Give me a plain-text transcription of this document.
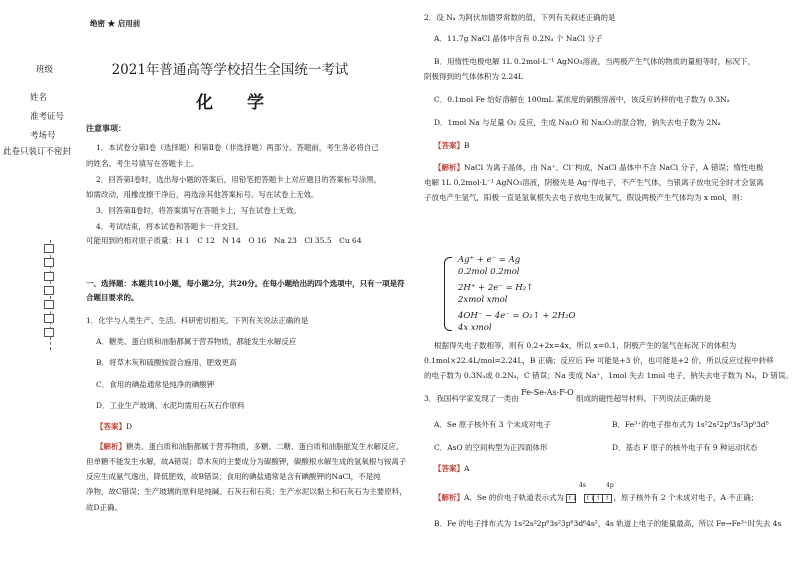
班级
姓名
准考证号
考场号
此卷只装订不密封
绝密 ★ 启用前
2021年普通高等学校招生全国统一考试
化 学
注意事项：
1．本试卷分第Ⅰ卷（选择题）和第Ⅱ卷（非选择题）两部分。答题前，考生务必将自己
的姓名、考生号填写在答题卡上。
2．回答第Ⅰ卷时，选出每小题的答案后，用铅笔把答题卡上对应题目的答案标号涂黑，
如需改动，用橡皮擦干净后，再选涂其他答案标号。写在试卷上无效。
3．回答第Ⅱ卷时，将答案填写在答题卡上，写在试卷上无效。
4．考试结束，将本试卷和答题卡一并交回。
可能用到的相对原子质量：H 1　C 12　N 14　O 16　Na 23　Cl 35.5　Cu 64
一、选择题：本题共10小题，每小题2分，共20分。在每小题给出的四个选项中，只有一项是符
合题目要求的。
1．化学与人类生产、生活、科研密切相关，下列有关说法正确的是
A．糖类、蛋白质和油脂都属于营养物质，都能发生水解反应
B．将草木灰和硫酸铵混合施用，肥效更高
C．食用的碘盐通常是纯净的碘酸钾
D．工业生产玻璃、水泥均需用石灰石作原料
【答案】D
【解析】糖类、蛋白质和油脂都属于营养物质，多糖、二糖、蛋白质和油脂能发生水解反应，
但单糖不能发生水解，故A错误；草木灰的主要成分为碳酸钾，碳酸根水解生成的氢氧根与铵离子
反应生成氨气逸出，降低肥效，故B错误；食用的碘盐通常是含有碘酸钾的NaCl，不是纯
净物，故C错误；生产玻璃的原料是纯碱、石灰石和石英；生产水泥以黏土和石灰石为主要原料，
故D正确。
2．设 Nₐ 为阿伏加德罗常数的值，下列有关叙述正确的是
A．11.7g NaCl 晶体中含有 0.2Nₐ 个 NaCl 分子
B．用惰性电极电解 1L 0.2mol·L⁻¹ AgNO₃溶液，当两极产生气体的物质的量相等时，标况下，
阴极得到的气体体积为 2.24L
C．0.1mol Fe 恰好溶解在 100mL 某浓度的硝酸溶液中，该反应转移的电子数为 0.3Nₐ
D．1mol Na 与足量 O₂ 反应，生成 Na₂O 和 Na₂O₂的混合物，钠失去电子数为 2Nₐ
【答案】B
【解析】NaCl 为离子晶体，由 Na⁺、Cl⁻构成，NaCl 晶体中不含 NaCl 分子，A 错误；惰性电极
电解 1L 0.2mol·L⁻¹ AgNO₃溶液，阴极先是 Ag⁺得电子，不产生气体，当银离子放电完全时才会氢离
子放电产生氢气，阳极一直是氢氧根失去电子放电生成氧气，假设两极产生气体均为 x mol，则：
Ag⁺ + e⁻ = Ag
0.2mol 0.2mol
2H⁺ + 2e⁻ = H₂↑
2xmol xmol
4OH⁻ − 4e⁻ = O₂↑ + 2H₂O
4x xmol
根据得失电子数相等，则有 0.2+2x=4x，所以 x=0.1，阴极产生的氢气在标况下的体积为
0.1mol×22.4L/mol=2.24L，B 正确；反应后 Fe 可能是+3 价，也可能是+2 价，所以反应过程中转移
的电子数为 0.3Nₐ或 0.2Nₐ，C 错误；Na 变成 Na⁺，1mol 失去 1mol 电子，钠失去电子数为 Nₐ，D 错误。
3．我国科学家发现了一类由 Fe-Se-As-F-O 组成的磁性超导材料。下列说法正确的是
A．Se 原子核外有 3 个未成对电子	B．Fe³⁺的电子排布式为 1s²2s²2p⁶3s²3p⁶3d⁵
C．AsO 的空间构型为正四面体形	D．基态 F 原子的核外电子有 9 种运动状态
【答案】A
4s	4p
【解析】A．Se 的价电子轨道表示式为 ↑↓ ↑↓↑ ↑ ，原子核外有 2 个未成对电子，A 不正确；
B．Fe 的电子排布式为 1s²2s²2p⁶3s²3p⁶3d⁶4s²，4s 轨道上电子的能量最高，所以 Fe→Fe³⁺时失去 4s
